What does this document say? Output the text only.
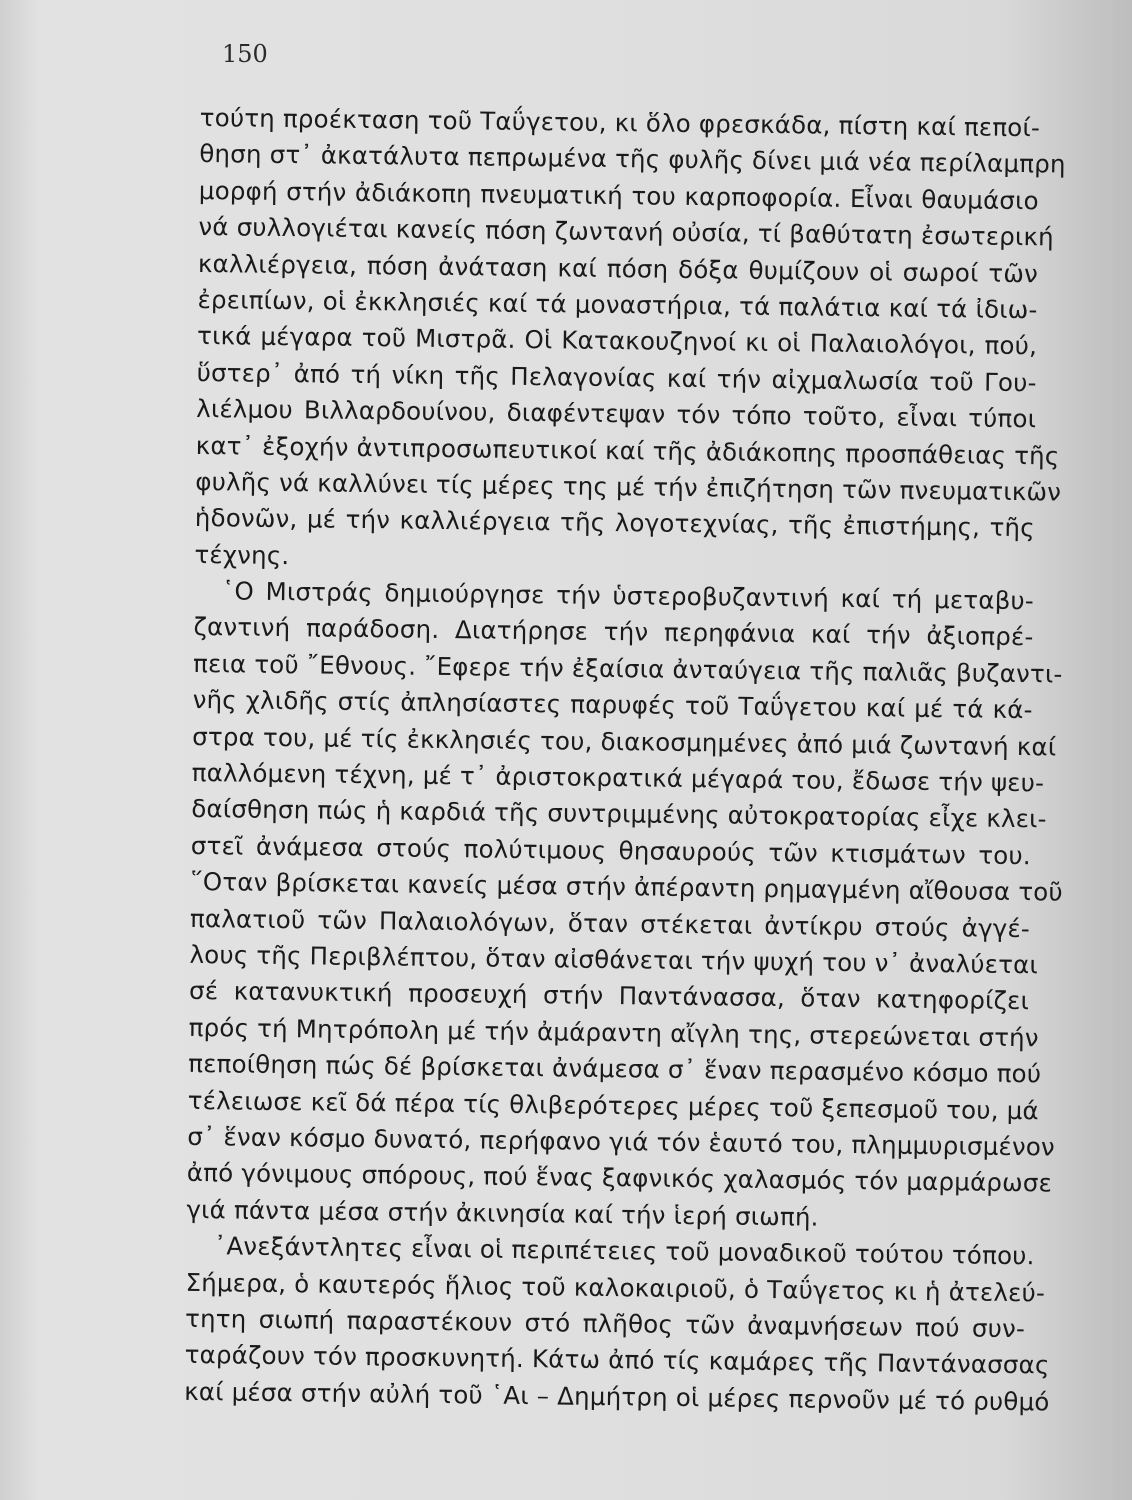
150

τούτη προέκταση τοῦ Ταΰγετου, κι ὅλο φρεσκάδα, πίστη καί πεποί-
θηση στ᾽ ἀκατάλυτα πεπρωμένα τῆς φυλῆς δίνει μιά νέα περίλαμπρη
μορφή στήν ἀδιάκοπη πνευματική του καρποφορία. Εἶναι θαυμάσιο
νά συλλογιέται κανείς πόση ζωντανή οὐσία, τί βαθύτατη ἐσωτερική
καλλιέργεια, πόση ἀνάταση καί πόση δόξα θυμίζουν οἱ σωροί τῶν
ἐρειπίων, οἱ ἐκκλησιές καί τά μοναστήρια, τά παλάτια καί τά ἰδιω-
τικά μέγαρα τοῦ Μιστρᾶ. Οἱ Κατακουζηνοί κι οἱ Παλαιολόγοι, πού,
ὕστερ᾽ ἀπό τή νίκη τῆς Πελαγονίας καί τήν αἰχμαλωσία τοῦ Γου-
λιέλμου Βιλλαρδουίνου, διαφέντεψαν τόν τόπο τοῦτο, εἶναι τύποι
κατ᾽ ἐξοχήν ἀντιπροσωπευτικοί καί τῆς ἀδιάκοπης προσπάθειας τῆς
φυλῆς νά καλλύνει τίς μέρες της μέ τήν ἐπιζήτηση τῶν πνευματικῶν
ἡδονῶν, μέ τήν καλλιέργεια τῆς λογοτεχνίας, τῆς ἐπιστήμης, τῆς
τέχνης.
῾Ο Μιστράς δημιούργησε τήν ὑστεροβυζαντινή καί τή μεταβυ-
ζαντινή παράδοση. Διατήρησε τήν περηφάνια καί τήν ἀξιοπρέ-
πεια τοῦ ῎Εθνους. ῎Εφερε τήν ἐξαίσια ἀνταύγεια τῆς παλιᾶς βυζαντι-
νῆς χλιδῆς στίς ἀπλησίαστες παρυφές τοῦ Ταΰγετου καί μέ τά κά-
στρα του, μέ τίς ἐκκλησιές του, διακοσμημένες ἀπό μιά ζωντανή καί
παλλόμενη τέχνη, μέ τ᾽ ἀριστοκρατικά μέγαρά του, ἔδωσε τήν ψευ-
δαίσθηση πώς ἡ καρδιά τῆς συντριμμένης αὐτοκρατορίας εἶχε κλει-
στεῖ ἀνάμεσα στούς πολύτιμους θησαυρούς τῶν κτισμάτων του.
῞Οταν βρίσκεται κανείς μέσα στήν ἀπέραντη ρημαγμένη αἴθουσα τοῦ
παλατιοῦ τῶν Παλαιολόγων, ὅταν στέκεται ἀντίκρυ στούς ἀγγέ-
λους τῆς Περιβλέπτου, ὅταν αἰσθάνεται τήν ψυχή του ν᾽ ἀναλύεται
σέ κατανυκτική προσευχή στήν Παντάνασσα, ὅταν κατηφορίζει
πρός τή Μητρόπολη μέ τήν ἀμάραντη αἴγλη της, στερεώνεται στήν
πεποίθηση πώς δέ βρίσκεται ἀνάμεσα σ᾽ ἕναν περασμένο κόσμο πού
τέλειωσε κεῖ δά πέρα τίς θλιβερότερες μέρες τοῦ ξεπεσμοῦ του, μά
σ᾽ ἕναν κόσμο δυνατό, περήφανο γιά τόν ἑαυτό του, πλημμυρισμένον
ἀπό γόνιμους σπόρους, πού ἕνας ξαφνικός χαλασμός τόν μαρμάρωσε
γιά πάντα μέσα στήν ἀκινησία καί τήν ἱερή σιωπή.
᾽Ανεξάντλητες εἶναι οἱ περιπέτειες τοῦ μοναδικοῦ τούτου τόπου.
Σήμερα, ὁ καυτερός ἥλιος τοῦ καλοκαιριοῦ, ὁ Ταΰγετος κι ἡ ἀτελεύ-
τητη σιωπή παραστέκουν στό πλῆθος τῶν ἀναμνήσεων πού συν-
ταράζουν τόν προσκυνητή. Κάτω ἀπό τίς καμάρες τῆς Παντάνασσας
καί μέσα στήν αὐλή τοῦ ῾Αι – Δημήτρη οἱ μέρες περνοῦν μέ τό ρυθμό
